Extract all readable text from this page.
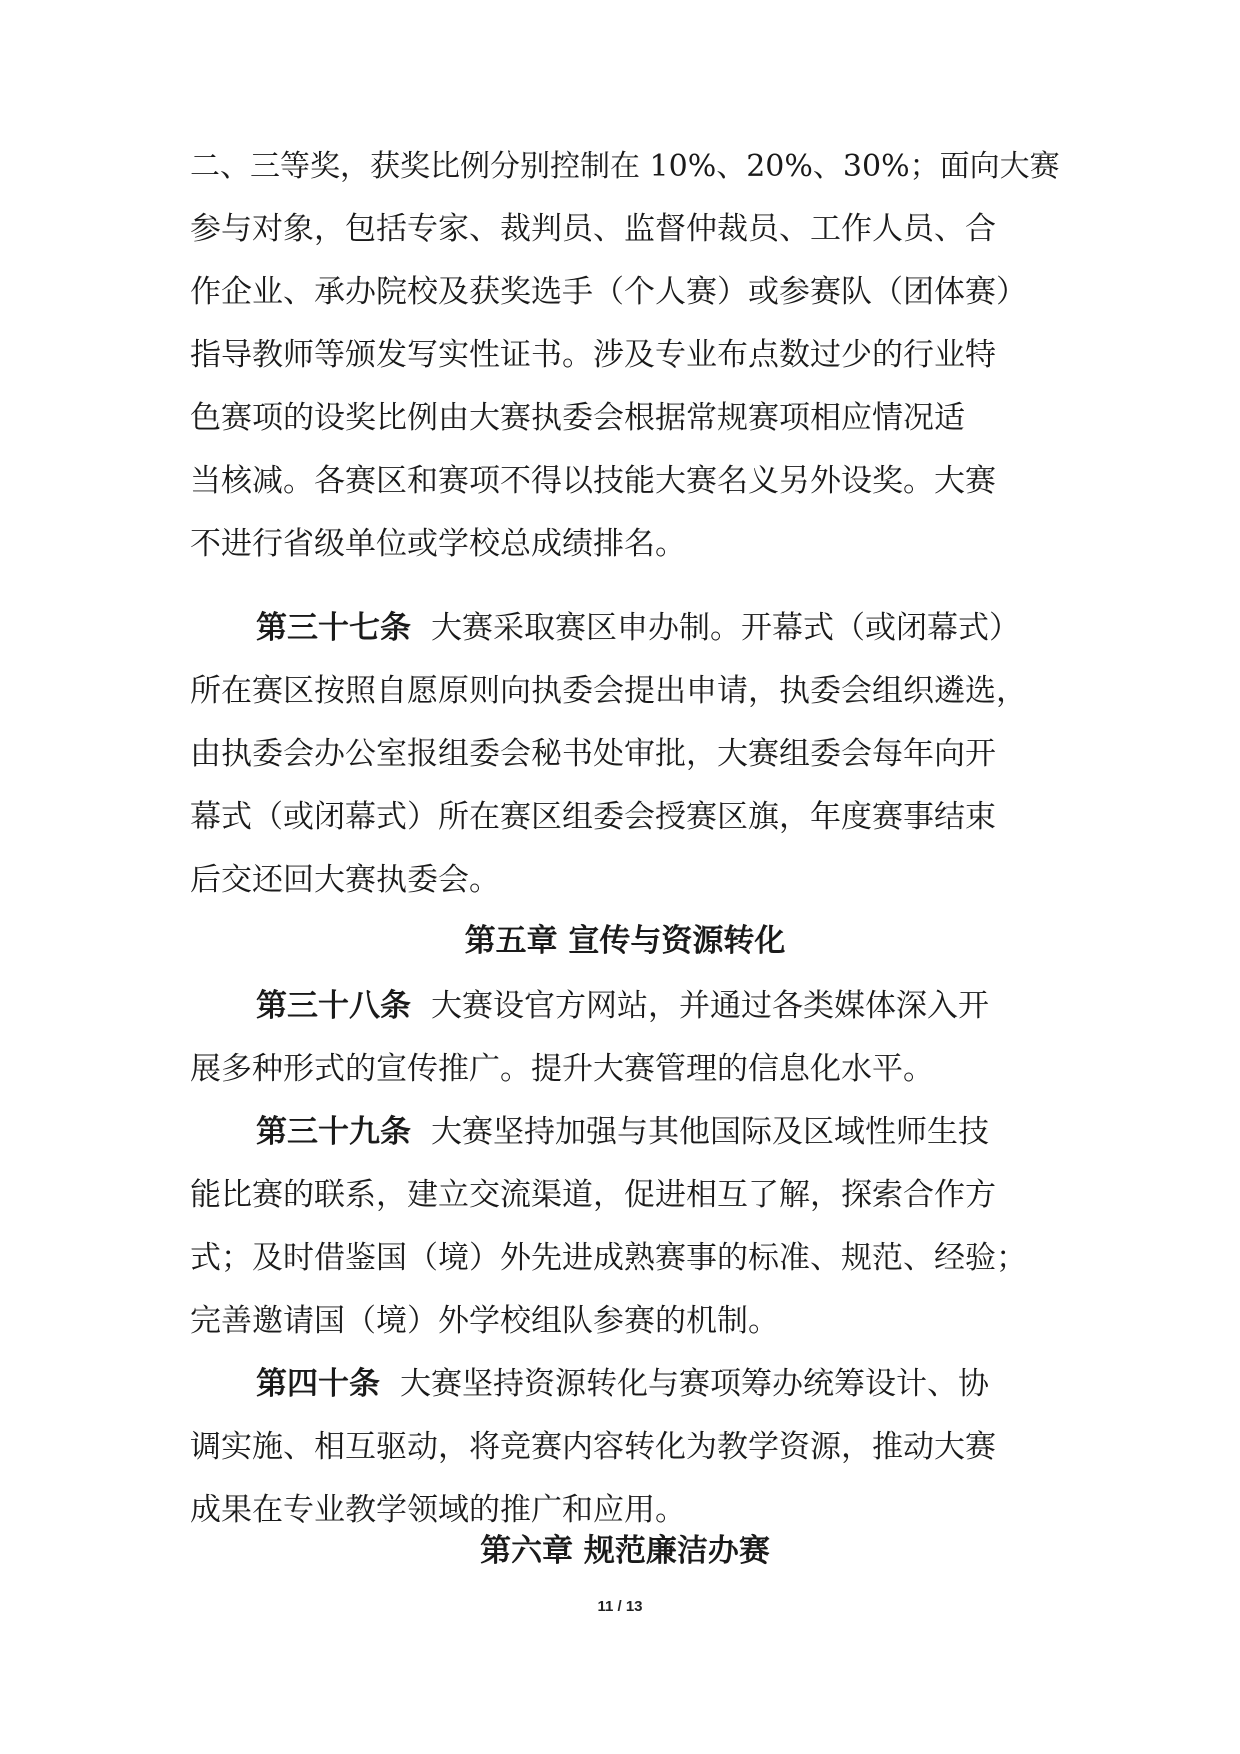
二、三等奖，获奖比例分别控制在 10%、20%、30%；面向大赛
参与对象，包括专家、裁判员、监督仲裁员、工作人员、合
作企业、承办院校及获奖选手（个人赛）或参赛队（团体赛）
指导教师等颁发写实性证书。涉及专业布点数过少的行业特
色赛项的设奖比例由大赛执委会根据常规赛项相应情况适
当核减。各赛区和赛项不得以技能大赛名义另外设奖。大赛
不进行省级单位或学校总成绩排名。
第三十七条 大赛采取赛区申办制。开幕式（或闭幕式）
所在赛区按照自愿原则向执委会提出申请，执委会组织遴选，
由执委会办公室报组委会秘书处审批，大赛组委会每年向开
幕式（或闭幕式）所在赛区组委会授赛区旗，年度赛事结束
后交还回大赛执委会。
第五章 宣传与资源转化
第三十八条 大赛设官方网站，并通过各类媒体深入开
展多种形式的宣传推广。提升大赛管理的信息化水平。
第三十九条 大赛坚持加强与其他国际及区域性师生技
能比赛的联系，建立交流渠道，促进相互了解，探索合作方
式；及时借鉴国（境）外先进成熟赛事的标准、规范、经验；
完善邀请国（境）外学校组队参赛的机制。
第四十条 大赛坚持资源转化与赛项筹办统筹设计、协
调实施、相互驱动，将竞赛内容转化为教学资源，推动大赛
成果在专业教学领域的推广和应用。
第六章 规范廉洁办赛
11 / 13
